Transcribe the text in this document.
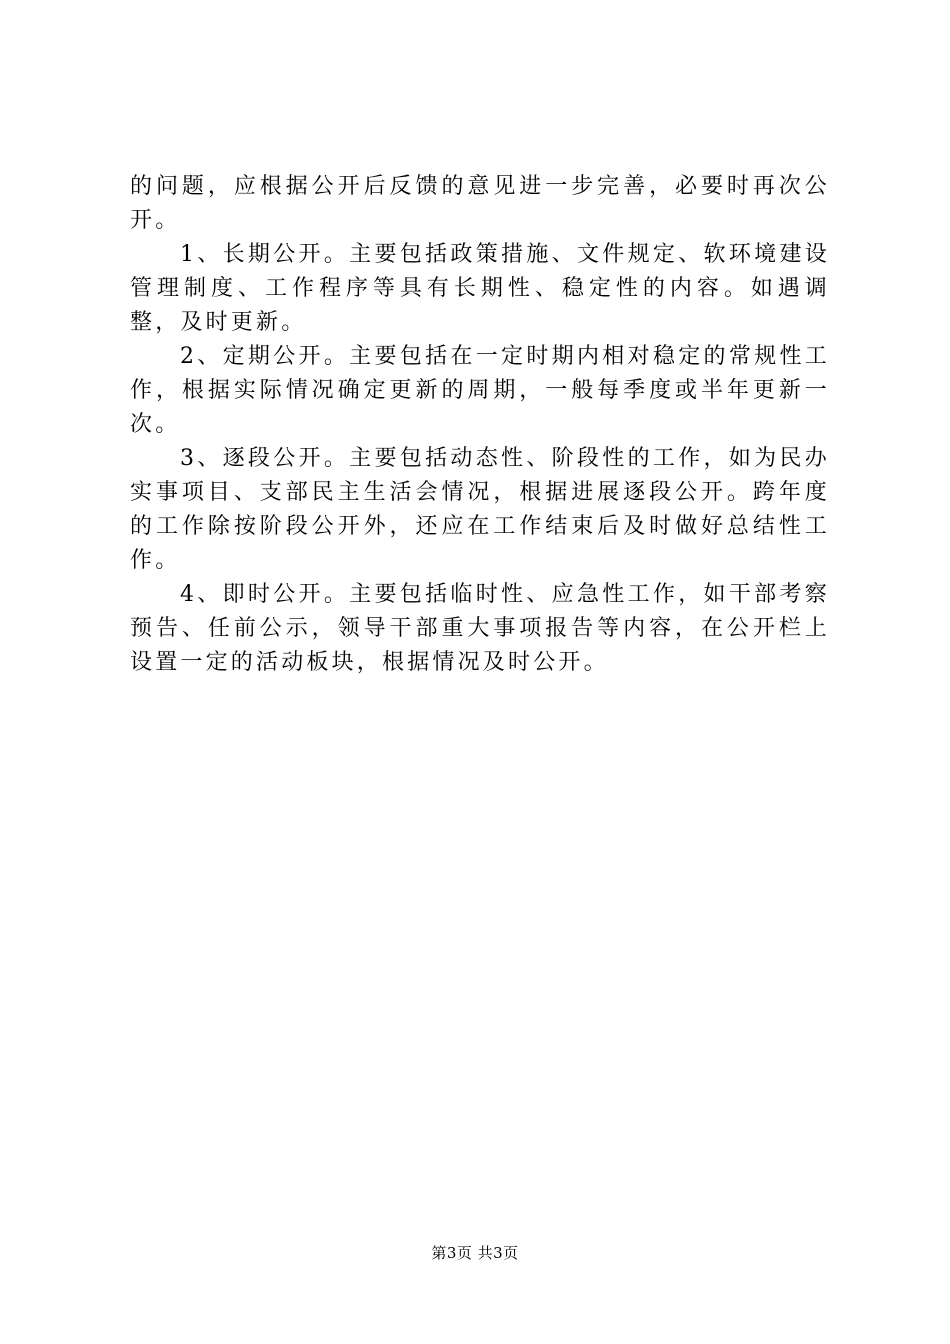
的问题，应根据公开后反馈的意见进一步完善，必要时再次公开。

1、长期公开。主要包括政策措施、文件规定、软环境建设管理制度、工作程序等具有长期性、稳定性的内容。如遇调整，及时更新。

2、定期公开。主要包括在一定时期内相对稳定的常规性工作，根据实际情况确定更新的周期，一般每季度或半年更新一次。

3、逐段公开。主要包括动态性、阶段性的工作，如为民办实事项目、支部民主生活会情况，根据进展逐段公开。跨年度的工作除按阶段公开外，还应在工作结束后及时做好总结性工作。

4、即时公开。主要包括临时性、应急性工作，如干部考察预告、任前公示，领导干部重大事项报告等内容，在公开栏上设置一定的活动板块，根据情况及时公开。

第3页 共3页
